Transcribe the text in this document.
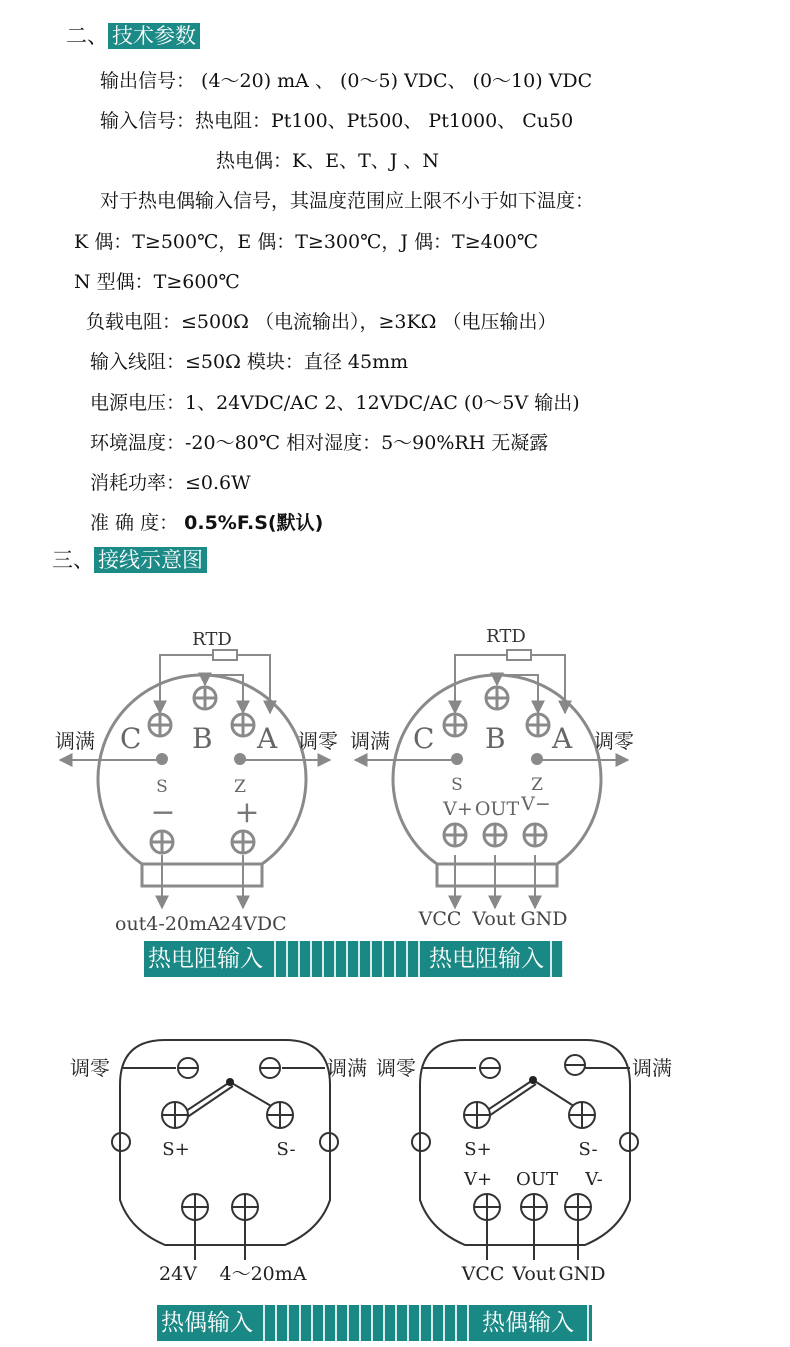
二、 技术参数
输出信号： (4～20) mA 、 (0～5) VDC、 (0～10) VDC
输入信号：热电阻：Pt100、Pt500、 Pt1000、 Cu50
热电偶：K、E、T、J 、N
对于热电偶输入信号，其温度范围应上限不小于如下温度：
K 偶：T≥500℃，E 偶：T≥300℃，J 偶：T≥400℃
N 型偶：T≥600℃
负载电阻：≤500Ω （电流输出），≥3KΩ （电压输出）
输入线阻：≤50Ω 模块：直径 45mm
电源电压：1、24VDC/AC 2、12VDC/AC (0～5V 输出)
环境温度：-20～80℃ 相对湿度：5～90%RH 无凝露
消耗功率：≤0.6W
准 确 度： 0.5%F.S(默认)
三、 接线示意图
RTD
调满	调零
C B A
S	Z
− +
out4-20mA
24VDC
RTD
调满	调零
C B A
S	Z
V+ OUT V−
VCC Vout GND
热电阻输入	热电阻输入
调零	调满
S+	S-
24V 4～20mA
调零	调满
S+	S-
V+ OUT V-
VCC Vout GND
热偶输入	热偶输入
